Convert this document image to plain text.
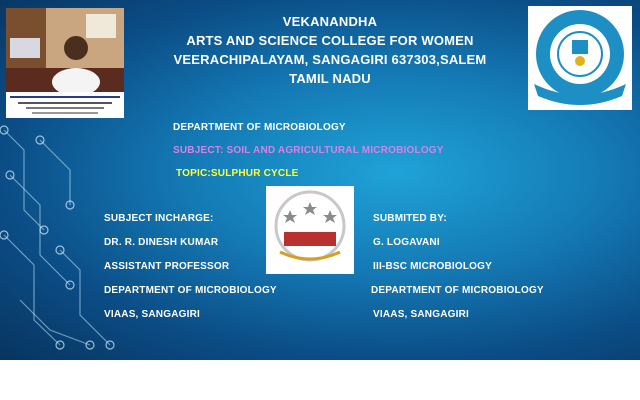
VEKANANDHA
ARTS AND SCIENCE COLLEGE FOR WOMEN
VEERACHIPALAYAM, SANGAGIRI 637303,SALEM
TAMIL NADU
DEPARTMENT OF MICROBIOLOGY
SUBJECT: SOIL AND AGRICULTURAL MICROBIOLOGY
TOPIC:SULPHUR CYCLE
SUBJECT INCHARGE:
DR. R. DINESH KUMAR
ASSISTANT PROFESSOR
DEPARTMENT OF MICROBIOLOGY
VIAAS, SANGAGIRI
SUBMITED BY:
G. LOGAVANI
III-BSC MICROBIOLOGY
DEPARTMENT OF MICROBIOLOGY
VIAAS, SANGAGIRI
